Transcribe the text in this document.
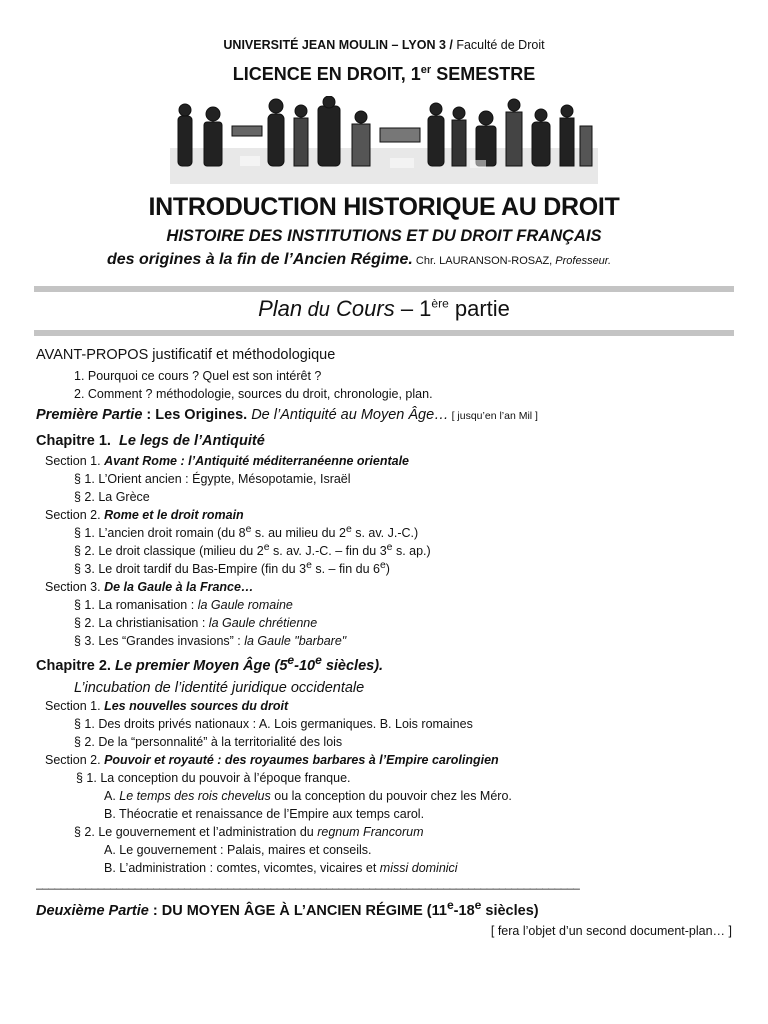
UNIVERSITÉ JEAN MOULIN – LYON 3 / Faculté de Droit
LICENCE EN DROIT, 1er SEMESTRE
INTRODUCTION HISTORIQUE AU DROIT
HISTOIRE DES INSTITUTIONS ET DU DROIT FRANÇAIS
des origines à la fin de l’Ancien Régime. Chr. LAURANSON-ROSAZ, Professeur.
Plan du Cours – 1ère partie
AVANT-PROPOS justificatif et méthodologique
1. Pourquoi ce cours ? Quel est son intérêt ?
2. Comment ? méthodologie, sources du droit, chronologie, plan.
Première Partie : Les Origines. De l’Antiquité au Moyen Âge… [ jusqu’en l’an Mil ]
Chapitre 1. Le legs de l’Antiquité
Section 1. Avant Rome : l’Antiquité méditerranéenne orientale
§ 1. L’Orient ancien : Égypte, Mésopotamie, Israël
§ 2. La Grèce
Section 2. Rome et le droit romain
§ 1. L’ancien droit romain (du 8e s. au milieu du 2e s. av. J.-C.)
§ 2. Le droit classique (milieu du 2e s. av. J.-C. – fin du 3e s. ap.)
§ 3. Le droit tardif du Bas-Empire (fin du 3e s. – fin du 6e)
Section 3. De la Gaule à la France…
§ 1. La romanisation : la Gaule romaine
§ 2. La christianisation : la Gaule chrétienne
§ 3. Les “Grandes invasions” : la Gaule "barbare"
Chapitre 2. Le premier Moyen Âge (5e-10e siècles).
L’incubation de l’identité juridique occidentale
Section 1. Les nouvelles sources du droit
§ 1. Des droits privés nationaux : A. Lois germaniques. B. Lois romaines
§ 2. De la “personnalité” à la territorialité des lois
Section 2. Pouvoir et royauté : des royaumes barbares à l’Empire carolingien
§ 1. La conception du pouvoir à l’époque franque.
A. Le temps des rois chevelus ou la conception du pouvoir chez les Méro.
B. Théocratie et renaissance de l’Empire aux temps carol.
§ 2. Le gouvernement et l’administration du regnum Francorum
A. Le gouvernement : Palais, maires et conseils.
B. L’administration : comtes, vicomtes, vicaires et missi dominici
________________________________________________________________________________________
Deuxième Partie : DU MOYEN ÂGE À L’ANCIEN RÉGIME (11e-18e siècles)
[ fera l’objet d’un second document-plan… ]
